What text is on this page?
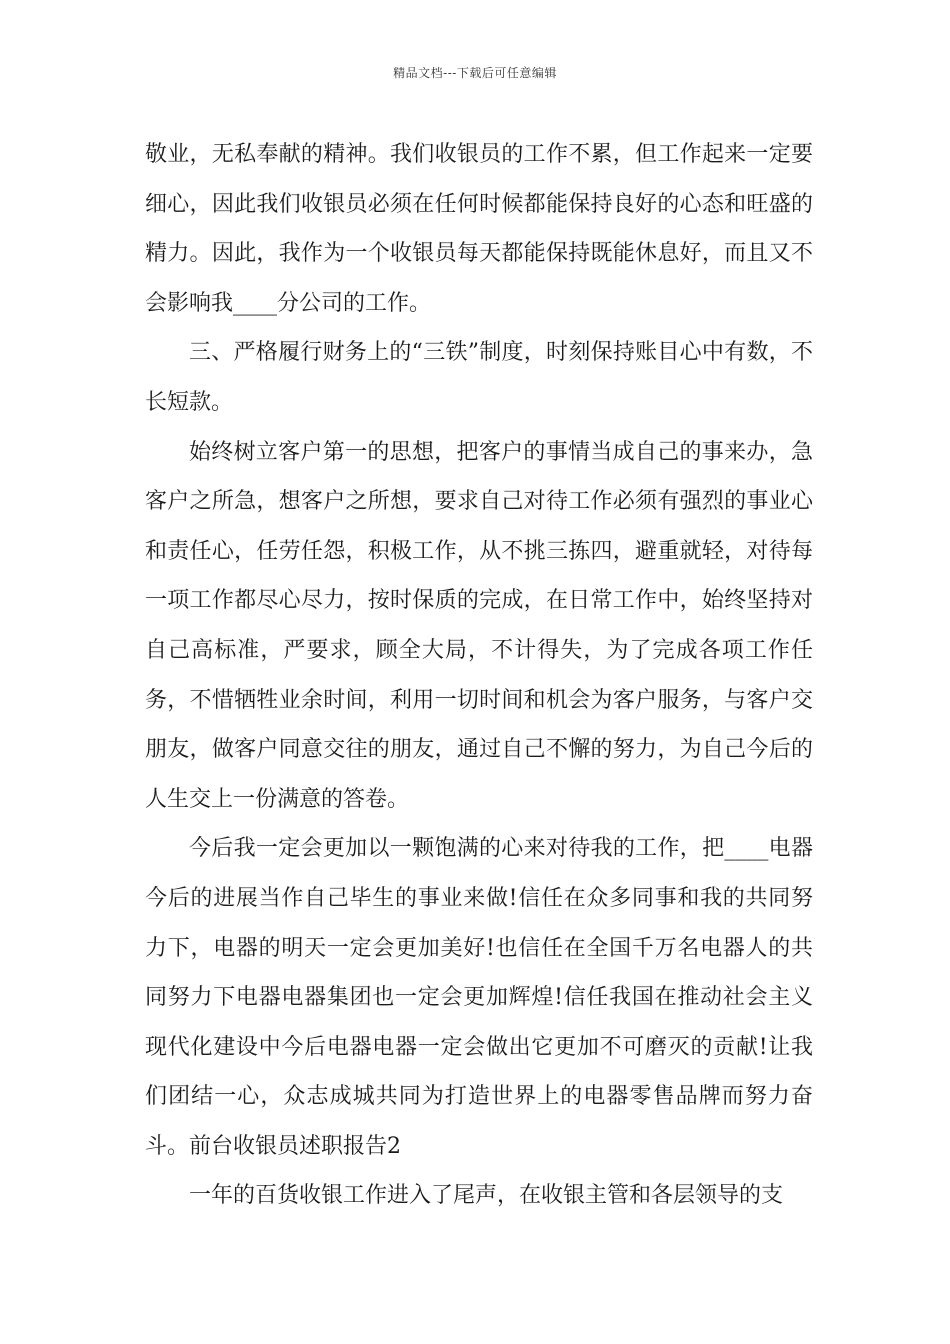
精品文档---下载后可任意编辑

敬业，无私奉献的精神。我们收银员的工作不累，但工作起来一定要细心，因此我们收银员必须在任何时候都能保持良好的心态和旺盛的精力。因此，我作为一个收银员每天都能保持既能休息好，而且又不会影响我____分公司的工作。

三、严格履行财务上的“三铁”制度，时刻保持账目心中有数，不长短款。

始终树立客户第一的思想，把客户的事情当成自己的事来办，急客户之所急，想客户之所想，要求自己对待工作必须有强烈的事业心和责任心，任劳任怨，积极工作，从不挑三拣四，避重就轻，对待每一项工作都尽心尽力，按时保质的完成，在日常工作中，始终坚持对自己高标准，严要求，顾全大局，不计得失，为了完成各项工作任务，不惜牺牲业余时间，利用一切时间和机会为客户服务，与客户交朋友，做客户同意交往的朋友，通过自己不懈的努力，为自己今后的人生交上一份满意的答卷。

今后我一定会更加以一颗饱满的心来对待我的工作，把____电器今后的进展当作自己毕生的事业来做!信任在众多同事和我的共同努力下，电器的明天一定会更加美好!也信任在全国千万名电器人的共同努力下电器电器集团也一定会更加辉煌!信任我国在推动社会主义现代化建设中今后电器电器一定会做出它更加不可磨灭的贡献!让我们团结一心，众志成城共同为打造世界上的电器零售品牌而努力奋斗。前台收银员述职报告2

一年的百货收银工作进入了尾声，在收银主管和各层领导的支
